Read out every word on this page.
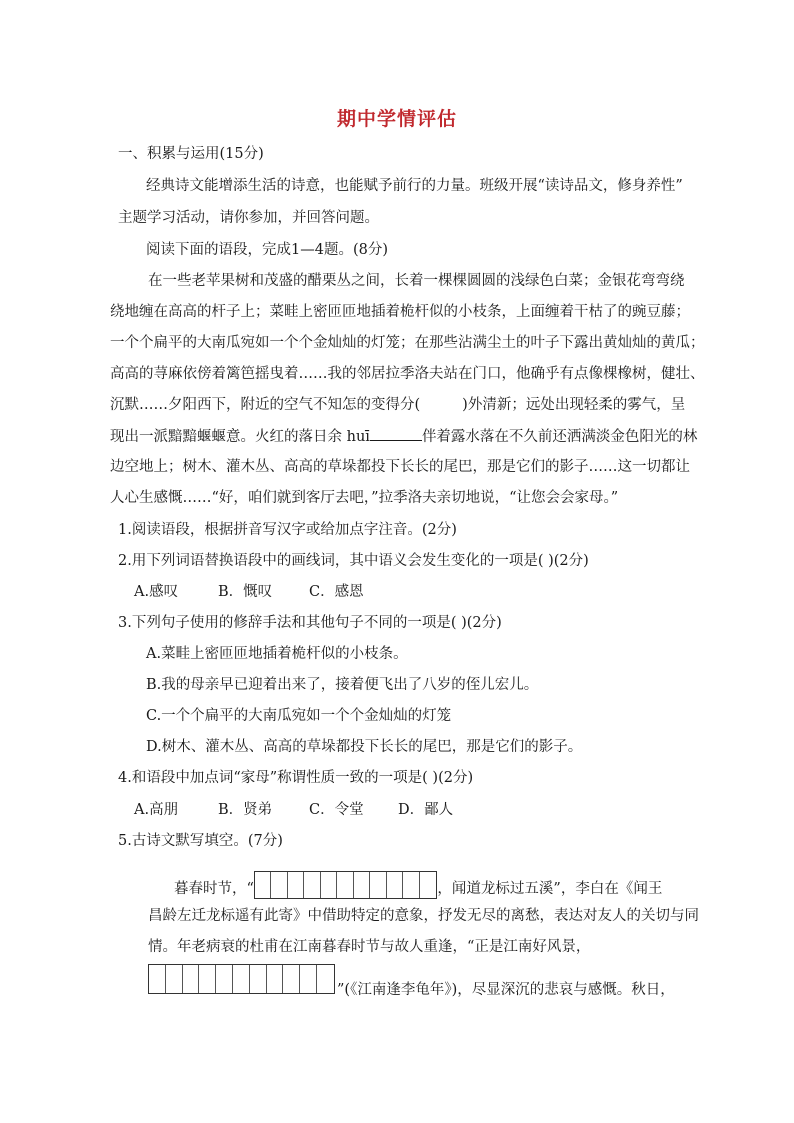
期中学情评估
一、积累与运用(15分)
经典诗文能增添生活的诗意，也能赋予前行的力量。班级开展“读诗品文，修身养性”
主题学习活动，请你参加，并回答问题。
阅读下面的语段，完成1—4题。(8分)
在一些老苹果树和茂盛的醋栗丛之间，长着一棵棵圆圆的浅绿色白菜；金银花弯弯绕
绕地缠在高高的杆子上；菜畦上密匝匝地插着桅杆似的小枝条，上面缠着干枯了的豌豆藤；
一个个扁平的大南瓜宛如一个个金灿灿的灯笼；在那些沾满尘土的叶子下露出黄灿灿的黄瓜；
高高的荨麻依傍着篱笆摇曳着……我的邻居拉季洛夫站在门口，他确乎有点像棵橡树，健壮、
沉默……夕阳西下，附近的空气不知怎的变得分(	)外清新；远处出现轻柔的雾气，呈
现出一派黯黯蝘蝘意。火红的落日余 huī	伴着露水落在不久前还洒满淡金色阳光的林
边空地上；树木、灌木丛、高高的草垛都投下长长的尾巴，那是它们的影子……这一切都让
人心生感慨……“好，咱们就到客厅去吧，”拉季洛夫亲切地说，“让您会会家母。”
1.阅读语段，根据拼音写汉字或给加点字注音。(2分)
2.用下列词语替换语段中的画线词，其中语义会发生变化的一项是( )(2分)
A.感叹	B．慨叹	C．感恩
3.下列句子使用的修辞手法和其他句子不同的一项是( )(2分)
A.菜畦上密匝匝地插着桅杆似的小枝条。
B.我的母亲早已迎着出来了，接着便飞出了八岁的侄儿宏儿。
C.一个个扁平的大南瓜宛如一个个金灿灿的灯笼
D.树木、灌木丛、高高的草垛都投下长长的尾巴，那是它们的影子。
4.和语段中加点词“家母”称谓性质一致的一项是( )(2分)
A.高朋	B．贤弟	C．令堂 D．鄙人
5.古诗文默写填空。(7分)
暮春时节，“	，闻道龙标过五溪”，李白在《闻王
昌龄左迁龙标遥有此寄》中借助特定的意象，抒发无尽的离愁，表达对友人的关切与同
情。年老病衰的杜甫在江南暮春时节与故人重逢，“正是江南好风景，
”(《江南逢李龟年》)，尽显深沉的悲哀与感慨。秋日，
